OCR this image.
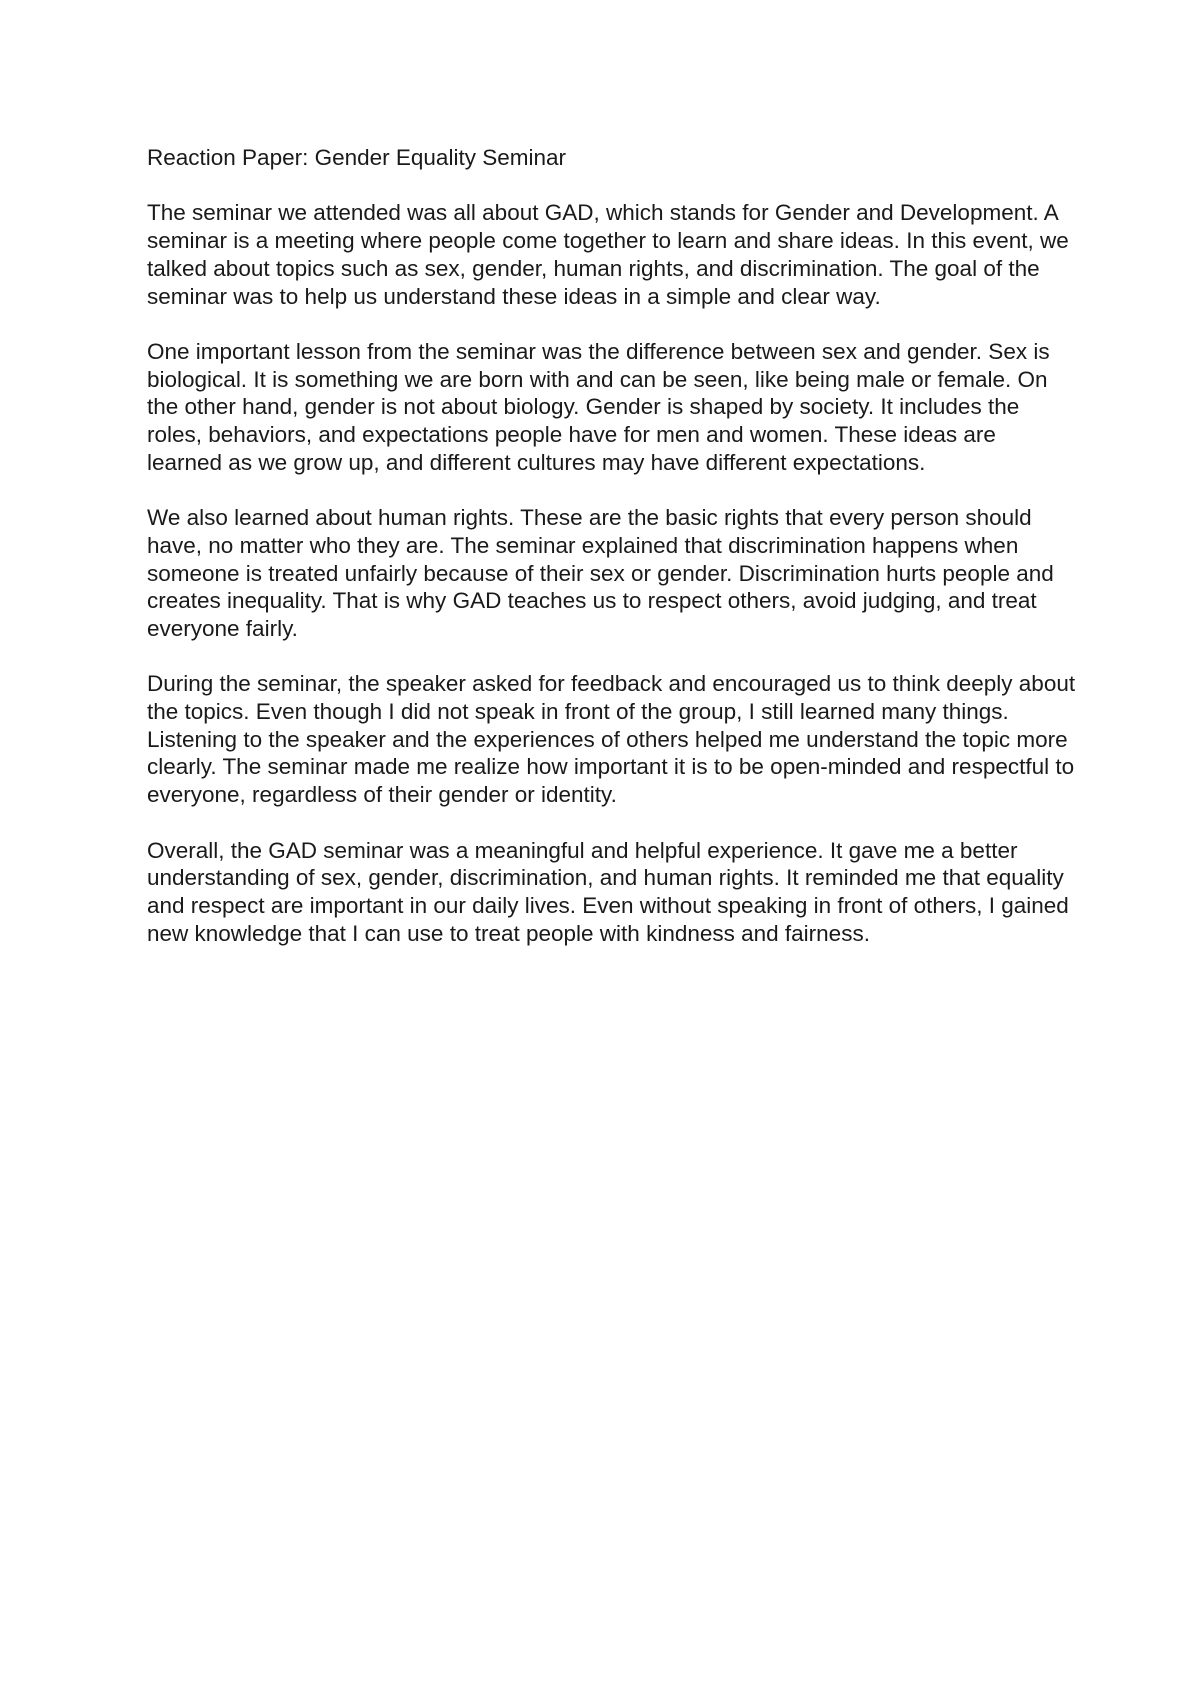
Reaction Paper: Gender Equality Seminar

The seminar we attended was all about GAD, which stands for Gender and Development. A seminar is a meeting where people come together to learn and share ideas. In this event, we talked about topics such as sex, gender, human rights, and discrimination. The goal of the seminar was to help us understand these ideas in a simple and clear way.

One important lesson from the seminar was the difference between sex and gender. Sex is biological. It is something we are born with and can be seen, like being male or female. On the other hand, gender is not about biology. Gender is shaped by society. It includes the roles, behaviors, and expectations people have for men and women. These ideas are learned as we grow up, and different cultures may have different expectations.

We also learned about human rights. These are the basic rights that every person should have, no matter who they are. The seminar explained that discrimination happens when someone is treated unfairly because of their sex or gender. Discrimination hurts people and creates inequality. That is why GAD teaches us to respect others, avoid judging, and treat everyone fairly.

During the seminar, the speaker asked for feedback and encouraged us to think deeply about the topics. Even though I did not speak in front of the group, I still learned many things. Listening to the speaker and the experiences of others helped me understand the topic more clearly. The seminar made me realize how important it is to be open-minded and respectful to everyone, regardless of their gender or identity.

Overall, the GAD seminar was a meaningful and helpful experience. It gave me a better understanding of sex, gender, discrimination, and human rights. It reminded me that equality and respect are important in our daily lives. Even without speaking in front of others, I gained new knowledge that I can use to treat people with kindness and fairness.
